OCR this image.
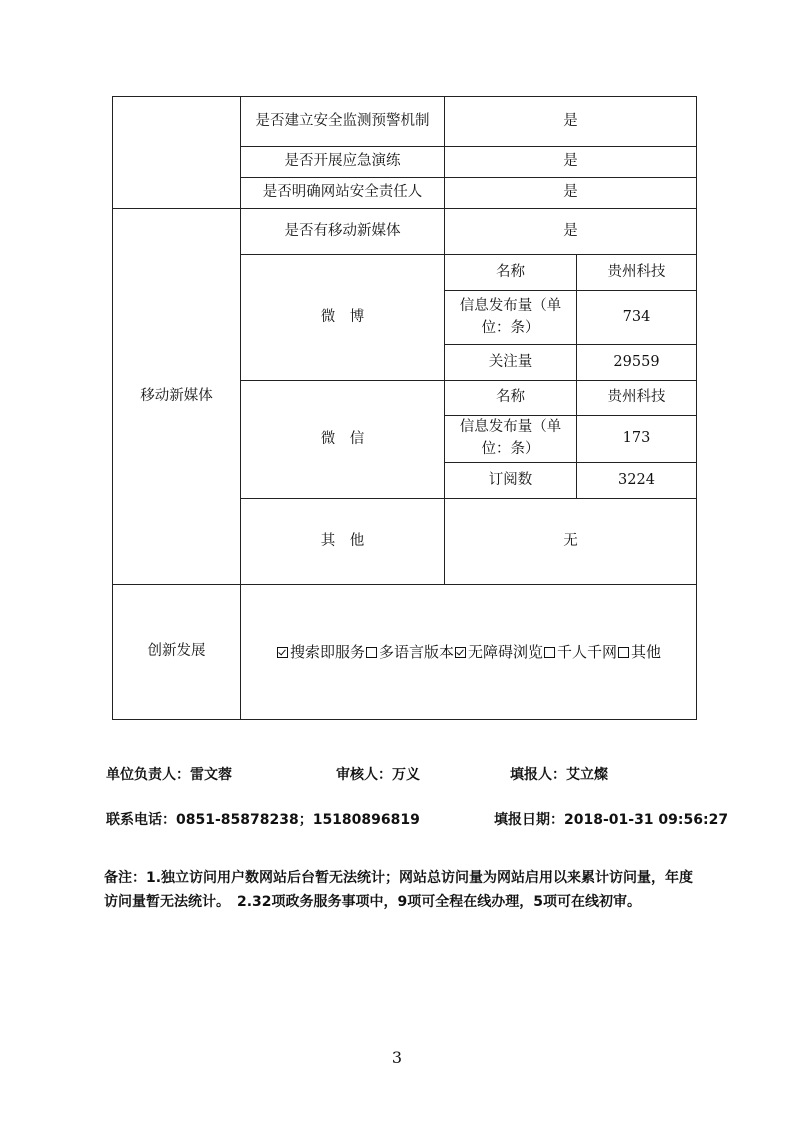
	是否建立安全监测预警机制	是	
	是否开展应急演练	是	
	是否明确网站安全责任人	是	
移动新媒体	是否有移动新媒体	是	
	微　博	名称	贵州科技
		信息发布量（单位：条）	734
		关注量	29559
	微　信	名称	贵州科技
		信息发布量（单位：条）	173
		订阅数	3224
	其　他	无	
创新发展	搜索即服务 多语言版本 无障碍浏览 千人千网 其他		
单位负责人：雷文蓉	审核人：万义	填报人：艾立燦
联系电话：0851-85878238；15180896819	填报日期：2018-01-31 09:56:27
备注：1.独立访问用户数网站后台暂无法统计；网站总访问量为网站启用以来累计访问量，年度访问量暂无法统计。　2.32项政务服务事项中，9项可全程在线办理，5项可在线初审。
3
